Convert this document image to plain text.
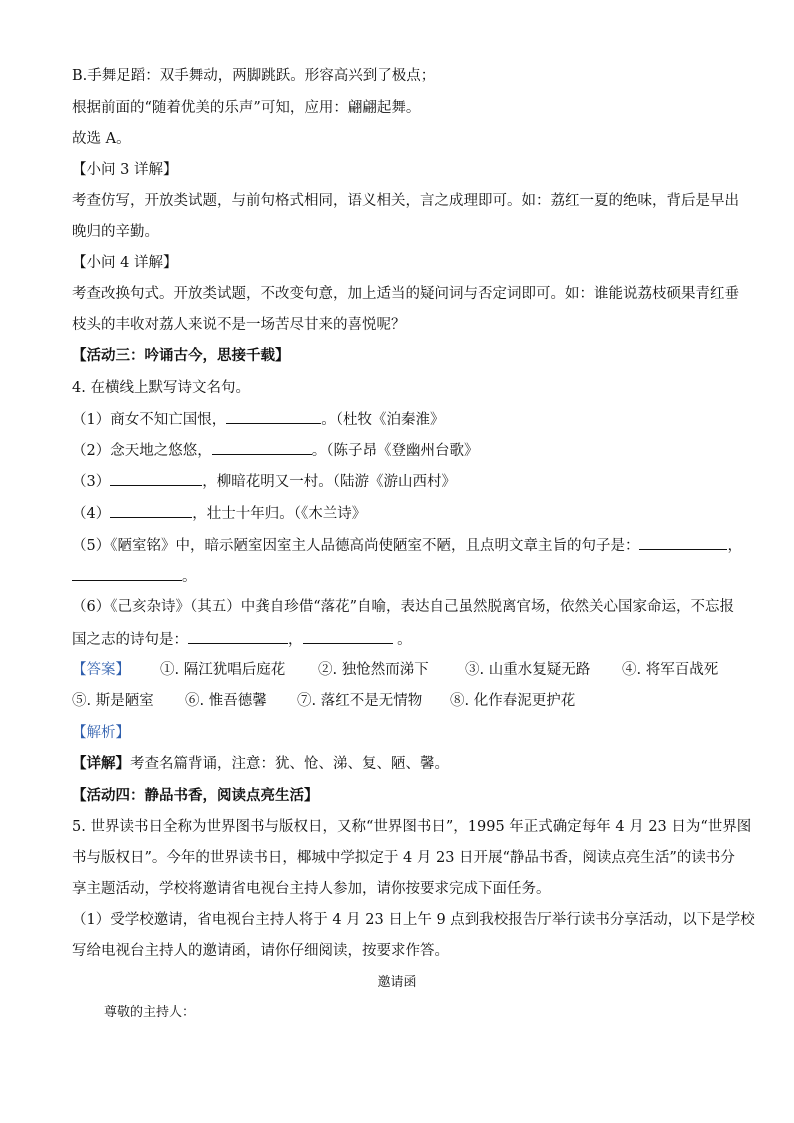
B.手舞足蹈：双手舞动，两脚跳跃。形容高兴到了极点；
根据前面的“随着优美的乐声”可知，应用：翩翩起舞。
故选 A。
【小问 3 详解】
考查仿写，开放类试题，与前句格式相同，语义相关，言之成理即可。如：荔红一夏的绝味，背后是早出
晚归的辛勤。
【小问 4 详解】
考查改换句式。开放类试题，不改变句意，加上适当的疑问词与否定词即可。如：谁能说荔枝硕果青红垂
枝头的丰收对荔人来说不是一场苦尽甘来的喜悦呢？
【活动三：吟诵古今，思接千载】
4. 在横线上默写诗文名句。
（1）商女不知亡国恨，	。（杜牧《泊秦淮》
（2）念天地之悠悠，	。（陈子昂《登幽州台歌》
（3）	，柳暗花明又一村。（陆游《游山西村》
（4）	，壮士十年归。（《木兰诗》
（5）《陋室铭》中，暗示陋室因室主人品德高尚使陋室不陋，且点明文章主旨的句子是：	，
。
（6）《己亥杂诗》（其五）中龚自珍借“落花”自喻，表达自己虽然脱离官场，依然关心国家命运，不忘报
国之志的诗句是：	，	。
【答案】 ①. 隔江犹唱后庭花 ②. 独怆然而涕下	③. 山重水复疑无路 ④. 将军百战死
⑤. 斯是陋室 ⑥. 惟吾德馨 ⑦. 落红不是无情物 ⑧. 化作春泥更护花
【解析】
【详解】考查名篇背诵，注意：犹、怆、涕、复、陋、馨。
【活动四：静品书香，阅读点亮生活】
5. 世界读书日全称为世界图书与版权日，又称“世界图书日”，1995 年正式确定每年 4 月 23 日为“世界图
书与版权日”。今年的世界读书日，椰城中学拟定于 4 月 23 日开展“静品书香，阅读点亮生活”的读书分
享主题活动，学校将邀请省电视台主持人参加，请你按要求完成下面任务。
（1）受学校邀请，省电视台主持人将于 4 月 23 日上午 9 点到我校报告厅举行读书分享活动，以下是学校
写给电视台主持人的邀请函，请你仔细阅读，按要求作答。
邀请函
尊敬的主持人：
